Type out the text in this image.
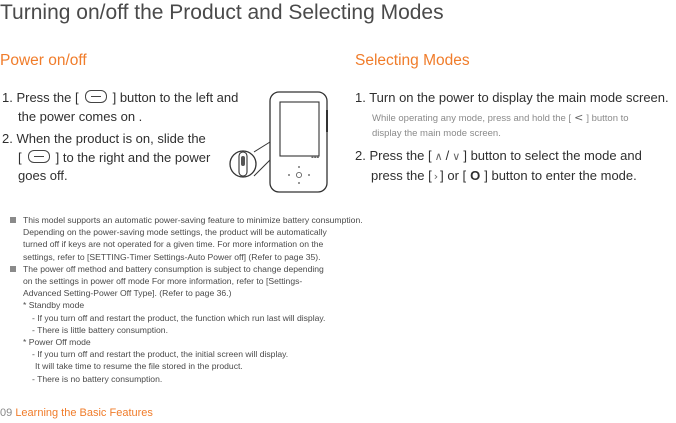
Turning on/off the Product and Selecting Modes
Power on/off	Selecting Modes
1. Press the [	] button to the left and
the power comes on .
2. When the product is on, slide the
[	] to the right and the power
goes off.
▪▪▪
1. Turn on the power to display the main mode screen.
While operating any mode, press and hold the [ < ] button to
display the main mode screen.
2. Press the [ ∧ / ∨ ] button to select the mode and
press the [ › ] or [ O ] button to enter the mode.
This model supports an automatic power-saving feature to minimize battery consumption.
Depending on the power-saving mode settings, the product will be automatically
turned off if keys are not operated for a given time. For more information on the
settings, refer to [SETTING-Timer Settings-Auto Power off] (Refer to page 35).
The power off method and battery consumption is subject to change depending
on the settings in power off mode For more information, refer to [Settings-
Advanced Setting-Power Off Type]. (Refer to page 36.)
* Standby mode
- If you turn off and restart the product, the function which run last will display.
- There is little battery consumption.
* Power Off mode
- If you turn off and restart the product, the initial screen will display.
It will take time to resume the file stored in the product.
- There is no battery consumption.
09 Learning the Basic Features
